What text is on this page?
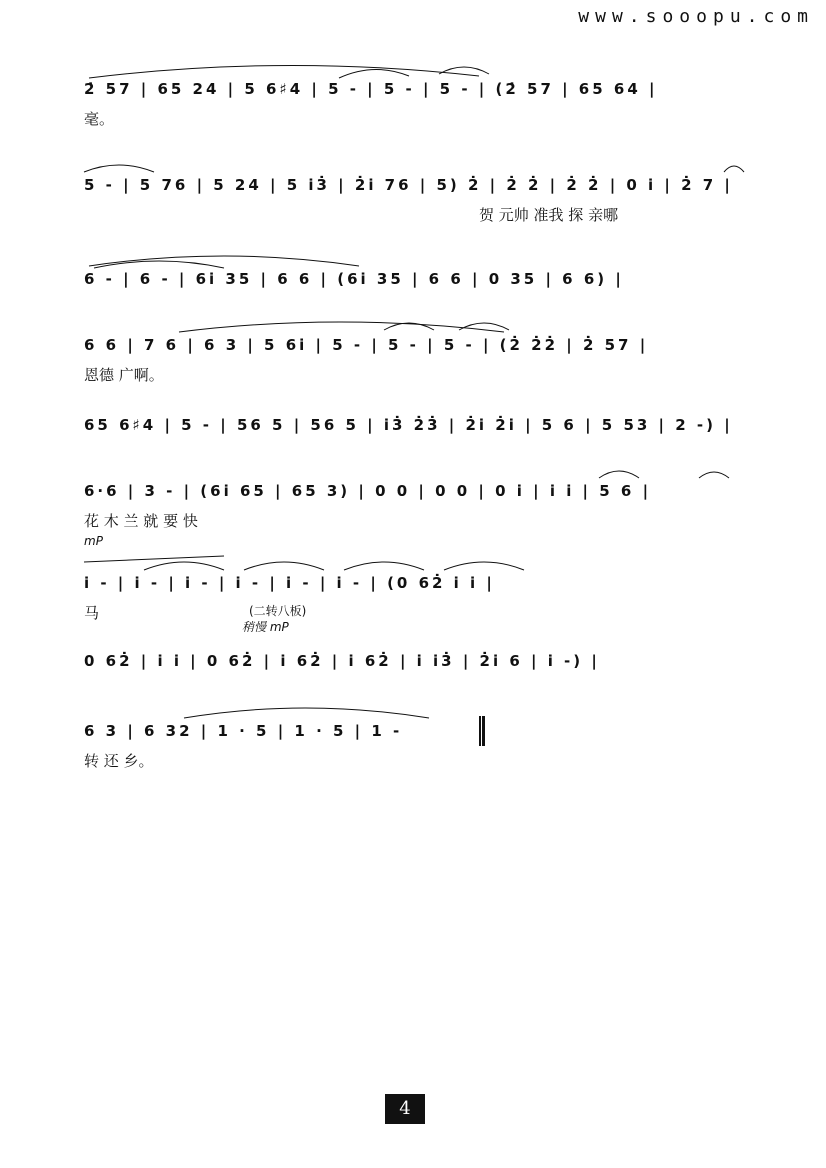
www.sooopu.com
2̇ 57 | 65 24 | 5 6♯4 | 5 - | 5 - | 5 - | (2̇ 57 | 65 64 |
毫。
5 - | 5 76 | 5 24 | 5 i3̇ | 2̇i 76 | 5) 2̇ | 2̇ 2̇ | 2̇ 2̇ | 0 i | 2̇ 7 |
贺 元帅 准我 探 亲哪
6 - | 6 - | 6i 35 | 6 6 | (6i 35 | 6 6 | 0 35 | 6 6) |
6 6 | 7 6 | 6 3 | 5 6i | 5 - | 5 - | 5 - | (2̇ 2̇2̇ | 2̇ 57 |
恩德 广啊。
65 6♯4 | 5 - | 56 5 | 56 5 | i3̇ 2̇3̇ | 2̇i 2̇i | 5 6 | 5 53 | 2 -) |
6·6 | 3 - | (6i 65 | 65 3) | 0 0 | 0 0 | 0 i | i i | 5 6 |
花 木 兰 就 要 快
mP
i - | i - | i - | i - | i - | i - | (0 62̇ i i |
马	(二转八板)
稍慢 mP
0 62̇ | i i | 0 62̇ | i 62̇ | i 62̇ | i i3̇ | 2̇i 6 | i -) |
6 3 | 6 32 | 1 · 5 | 1 · 5 | 1 -
转 还 乡。
4
